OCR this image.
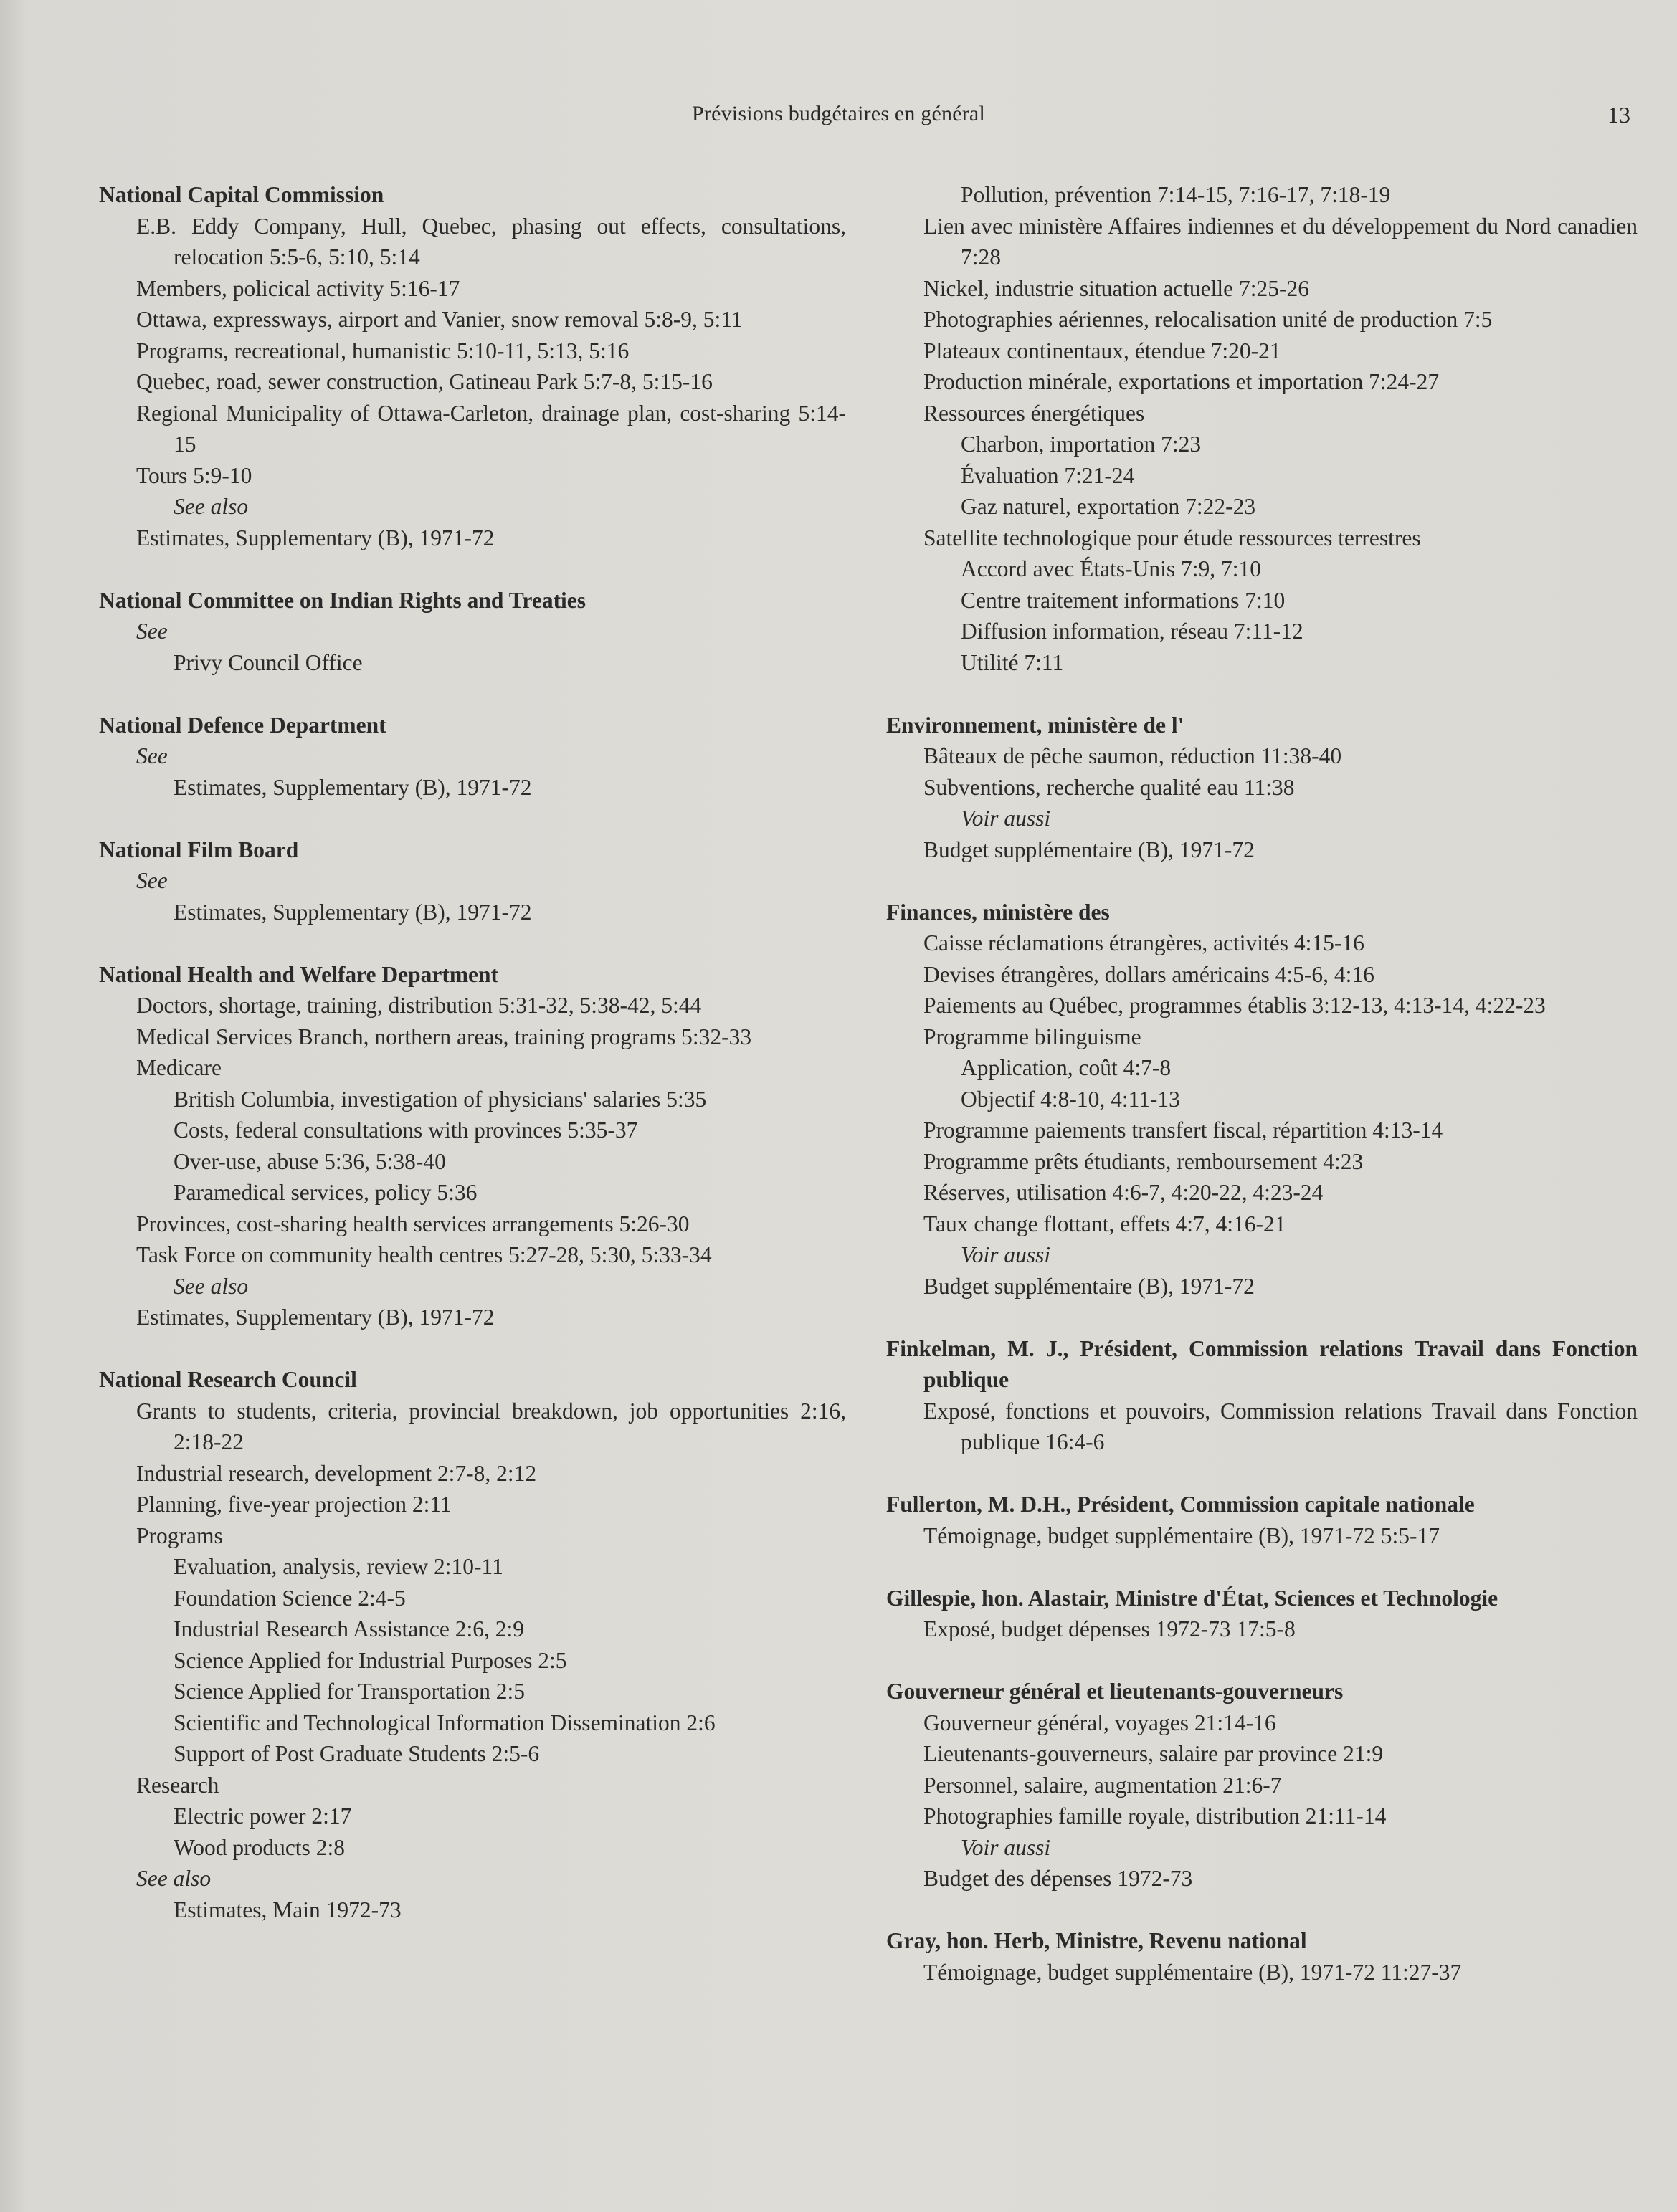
Prévisions budgétaires en général	13
National Capital Commission
E.B. Eddy Company, Hull, Quebec, phasing out effects, consultations, relocation 5:5-6, 5:10, 5:14
Members, policical activity 5:16-17
Ottawa, expressways, airport and Vanier, snow removal 5:8-9, 5:11
Programs, recreational, humanistic 5:10-11, 5:13, 5:16
Quebec, road, sewer construction, Gatineau Park 5:7-8, 5:15-16
Regional Municipality of Ottawa-Carleton, drainage plan, cost-sharing 5:14-15
Tours 5:9-10
See also
Estimates, Supplementary (B), 1971-72
National Committee on Indian Rights and Treaties
See
Privy Council Office
National Defence Department
See
Estimates, Supplementary (B), 1971-72
National Film Board
See
Estimates, Supplementary (B), 1971-72
National Health and Welfare Department
Doctors, shortage, training, distribution 5:31-32, 5:38-42, 5:44
Medical Services Branch, northern areas, training programs 5:32-33
Medicare
British Columbia, investigation of physicians' salaries 5:35
Costs, federal consultations with provinces 5:35-37
Over-use, abuse 5:36, 5:38-40
Paramedical services, policy 5:36
Provinces, cost-sharing health services arrangements 5:26-30
Task Force on community health centres 5:27-28, 5:30, 5:33-34
See also
Estimates, Supplementary (B), 1971-72
National Research Council
Grants to students, criteria, provincial breakdown, job opportunities 2:16, 2:18-22
Industrial research, development 2:7-8, 2:12
Planning, five-year projection 2:11
Programs
Evaluation, analysis, review 2:10-11
Foundation Science 2:4-5
Industrial Research Assistance 2:6, 2:9
Science Applied for Industrial Purposes 2:5
Science Applied for Transportation 2:5
Scientific and Technological Information Dissemination 2:6
Support of Post Graduate Students 2:5-6
Research
Electric power 2:17
Wood products 2:8
See also
Estimates, Main 1972-73
Pollution, prévention 7:14-15, 7:16-17, 7:18-19
Lien avec ministère Affaires indiennes et du développement du Nord canadien 7:28
Nickel, industrie situation actuelle 7:25-26
Photographies aériennes, relocalisation unité de production 7:5
Plateaux continentaux, étendue 7:20-21
Production minérale, exportations et importation 7:24-27
Ressources énergétiques
Charbon, importation 7:23
Évaluation 7:21-24
Gaz naturel, exportation 7:22-23
Satellite technologique pour étude ressources terrestres
Accord avec États-Unis 7:9, 7:10
Centre traitement informations 7:10
Diffusion information, réseau 7:11-12
Utilité 7:11
Environnement, ministère de l'
Bâteaux de pêche saumon, réduction 11:38-40
Subventions, recherche qualité eau 11:38
Voir aussi
Budget supplémentaire (B), 1971-72
Finances, ministère des
Caisse réclamations étrangères, activités 4:15-16
Devises étrangères, dollars américains 4:5-6, 4:16
Paiements au Québec, programmes établis 3:12-13, 4:13-14, 4:22-23
Programme bilinguisme
Application, coût 4:7-8
Objectif 4:8-10, 4:11-13
Programme paiements transfert fiscal, répartition 4:13-14
Programme prêts étudiants, remboursement 4:23
Réserves, utilisation 4:6-7, 4:20-22, 4:23-24
Taux change flottant, effets 4:7, 4:16-21
Voir aussi
Budget supplémentaire (B), 1971-72
Finkelman, M. J., Président, Commission relations Travail dans Fonction publique
Exposé, fonctions et pouvoirs, Commission relations Travail dans Fonction publique 16:4-6
Fullerton, M. D.H., Président, Commission capitale nationale
Témoignage, budget supplémentaire (B), 1971-72 5:5-17
Gillespie, hon. Alastair, Ministre d'État, Sciences et Technologie
Exposé, budget dépenses 1972-73 17:5-8
Gouverneur général et lieutenants-gouverneurs
Gouverneur général, voyages 21:14-16
Lieutenants-gouverneurs, salaire par province 21:9
Personnel, salaire, augmentation 21:6-7
Photographies famille royale, distribution 21:11-14
Voir aussi
Budget des dépenses 1972-73
Gray, hon. Herb, Ministre, Revenu national
Témoignage, budget supplémentaire (B), 1971-72 11:27-37
